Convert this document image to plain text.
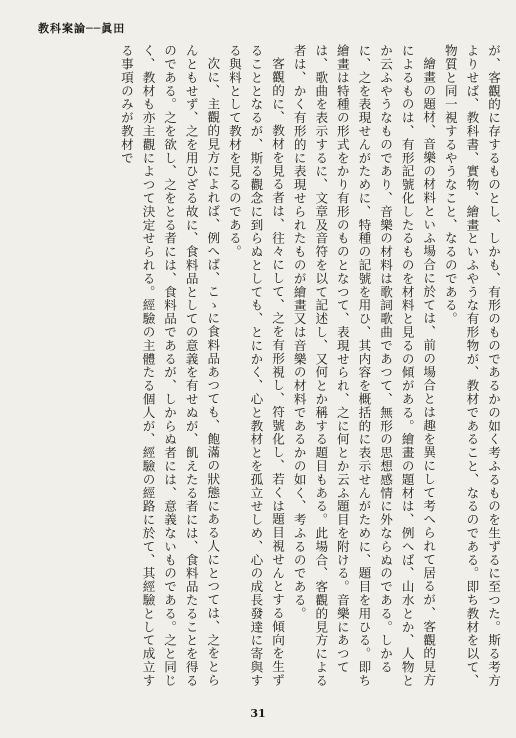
教科案論──眞田

が、客觀的に存するものとし、しかも、有形のものであるかの如く考ふるものを生ずるに至つた。斯る考方よりせば、教科書、實物、繪畫といふやうな有形物が、教材であること、なるのである。即ち教材を以て、物質と同一視するやうなこと、なるのである。

繪畫の題材、音樂の材料といふ場合に於ては、前の場合とは趣を異にして考へられて居るが、客觀的見方によるものは、有形記號化したるものを材料と見るの傾がある。繪畫の題材は、例へば、山水とか、人物とか云ふやうなものであり、音樂の材料は歌詞歌曲であつて、無形の思想感情に外ならぬのである。しかるに、之を表現せんがために、特種の記號を用ひ、其内容を概括的に表示せんがために、題目を用ひる。即ち繪畫は特種の形式をかり有形のものとなつて、表現せられ、之に何とか云ふ題目を附ける。音樂にあつては、歌曲を表示するに、文章及音符を以て記述し、又何とか稱する題目もある。此場合、客觀的見方による者は、かく有形的に表現せられたものが繪畫又は音樂の材料であるかの如く、考ふるのである。

客觀的に、教材を見る者は、往々にして、之を有形視し、符號化し、若くは題目視せんとする傾向を生ずることとなるが、斯る觀念に到らぬとしても、とにかく、心と教材とを孤立せしめ、心の成長發達に寄與する與料として教材を見るのである。

次に、主觀的見方によれば、例へば、こゝに食料品あつても、飽滿の狀態にある人にとつては、之をとらんともせず、之を用ひざる故に、食料品としての意義を有せぬが、飢えたる者には、食料品たることを得るのである。之を欲し、之をとる者には、食料品であるが、しからぬ者には、意義ないものである。之と同じく、教材も亦主觀によつて決定せられる。經驗の主體たる個人が、經驗の經路に於て、其經驗として成立する事項のみが教材で

31
